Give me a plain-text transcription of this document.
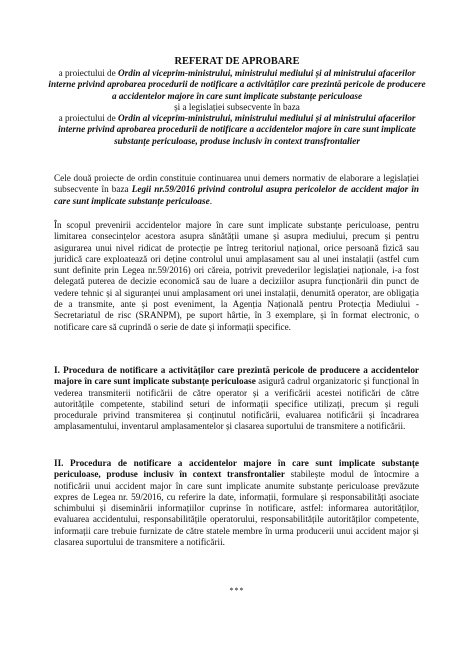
REFERAT DE APROBARE
a proiectului de Ordin al viceprim-ministrului, ministrului mediului și al ministrului afacerilor interne privind aprobarea procedurii de notificare a activităților care prezintă pericole de producere a accidentelor majore în care sunt implicate substanțe periculoase
și a legislației subsecvente în baza
a proiectului de Ordin al viceprim-ministrului, ministrului mediului și al ministrului afacerilor interne privind aprobarea procedurii de notificare a accidentelor majore în care sunt implicate substanțe periculoase, produse inclusiv în context transfrontalier
Cele două proiecte de ordin constituie continuarea unui demers normativ de elaborare a legislației subsecvente în baza Legii nr.59/2016 privind controlul asupra pericolelor de accident major în care sunt implicate substanțe periculoase.
În scopul prevenirii accidentelor majore în care sunt implicate substanțe periculoase, pentru limitarea consecințelor acestora asupra sănătății umane și asupra mediului, precum și pentru asigurarea unui nivel ridicat de protecție pe întreg teritoriul național, orice persoană fizică sau juridică care exploatează ori deține controlul unui amplasament sau al unei instalații (astfel cum sunt definite prin Legea nr.59/2016) ori căreia, potrivit prevederilor legislației naționale, i-a fost delegată puterea de decizie economică sau de luare a deciziilor asupra funcționării din punct de vedere tehnic și al siguranței unui amplasament ori unei instalații, denumită operator, are obligația de a transmite, ante și post eveniment, la Agenția Națională pentru Protecția Mediului - Secretariatul de risc (SRANPM), pe suport hârtie, în 3 exemplare, și în format electronic, o notificare care să cuprindă o serie de date și informații specifice.
I. Procedura de notificare a activităților care prezintă pericole de producere a accidentelor majore în care sunt implicate substanțe periculoase asigură cadrul organizatoric și funcțional în vederea transmiterii notificării de către operator și a verificării acestei notificări de către autoritățile competente, stabilind seturi de informații specifice utilizați, precum și reguli procedurale privind transmiterea și conținutul notificării, evaluarea notificării și încadrarea amplasamentului, inventarul amplasamentelor și clasarea suportului de transmitere a notificării.
II. Procedura de notificare a accidentelor majore în care sunt implicate substanțe periculoase, produse inclusiv în context transfrontalier stabilește modul de întocmire a notificării unui accident major în care sunt implicate anumite substanțe periculoase prevăzute expres de Legea nr. 59/2016, cu referire la date, informații, formulare și responsabilități asociate schimbului și diseminării informațiilor cuprinse în notificare, astfel: informarea autorităților, evaluarea accidentului, responsabilitățile operatorului, responsabilitățile autorităților competente, informații care trebuie furnizate de către statele membre în urma producerii unui accident major și clasarea suportului de transmitere a notificării.
***
